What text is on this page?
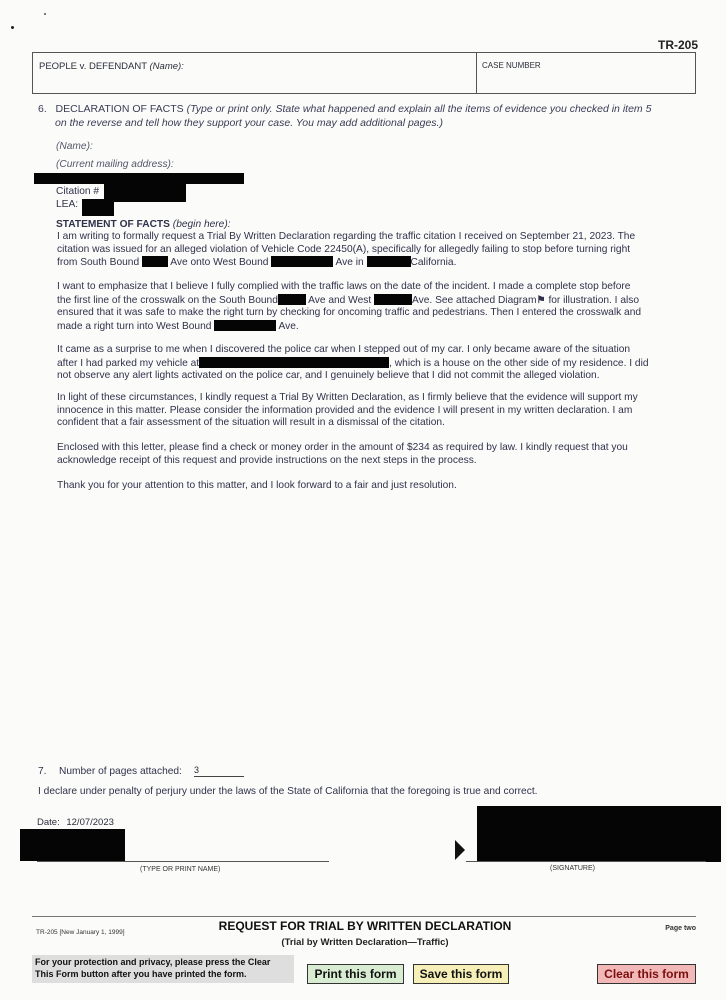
TR-205
PEOPLE v. DEFENDANT (Name):	CASE NUMBER
6. DECLARATION OF FACTS (Type or print only. State what happened and explain all the items of evidence you checked in item 5
on the reverse and tell how they support your case. You may add additional pages.)
(Name):
(Current mailing address):
Citation #
LEA:
STATEMENT OF FACTS (begin here):
I am writing to formally request a Trial By Written Declaration regarding the traffic citation I received on September 21, 2023. The
citation was issued for an alleged violation of Vehicle Code 22450(A), specifically for allegedly failing to stop before turning right
from South Bound	Ave onto West Bound	Ave in	California.
I want to emphasize that I believe I fully complied with the traffic laws on the date of the incident. I made a complete stop before
the first line of the crosswalk on the South Bound	Ave and West	Ave. See attached Diagram⚑ for illustration. I also
ensured that it was safe to make the right turn by checking for oncoming traffic and pedestrians. Then I entered the crosswalk and
made a right turn into West Bound	Ave.
It came as a surprise to me when I discovered the police car when I stepped out of my car. I only became aware of the situation
after I had parked my vehicle at	, which is a house on the other side of my residence. I did
not observe any alert lights activated on the police car, and I genuinely believe that I did not commit the alleged violation.
In light of these circumstances, I kindly request a Trial By Written Declaration, as I firmly believe that the evidence will support my
innocence in this matter. Please consider the information provided and the evidence I will present in my written declaration. I am
confident that a fair assessment of the situation will result in a dismissal of the citation.
Enclosed with this letter, please find a check or money order in the amount of $234 as required by law. I kindly request that you
acknowledge receipt of this request and provide instructions on the next steps in the process.
Thank you for your attention to this matter, and I look forward to a fair and just resolution.
7. Number of pages attached: 3
I declare under penalty of perjury under the laws of the State of California that the foregoing is true and correct.
Date: 12/07/2023
(TYPE OR PRINT NAME)	(SIGNATURE)
TR-205 [New January 1, 1999]	REQUEST FOR TRIAL BY WRITTEN DECLARATION
(Trial by Written Declaration—Traffic)
Page two
For your protection and privacy, please press the Clear
This Form button after you have printed the form.	Print this form	Save this form	Clear this form
